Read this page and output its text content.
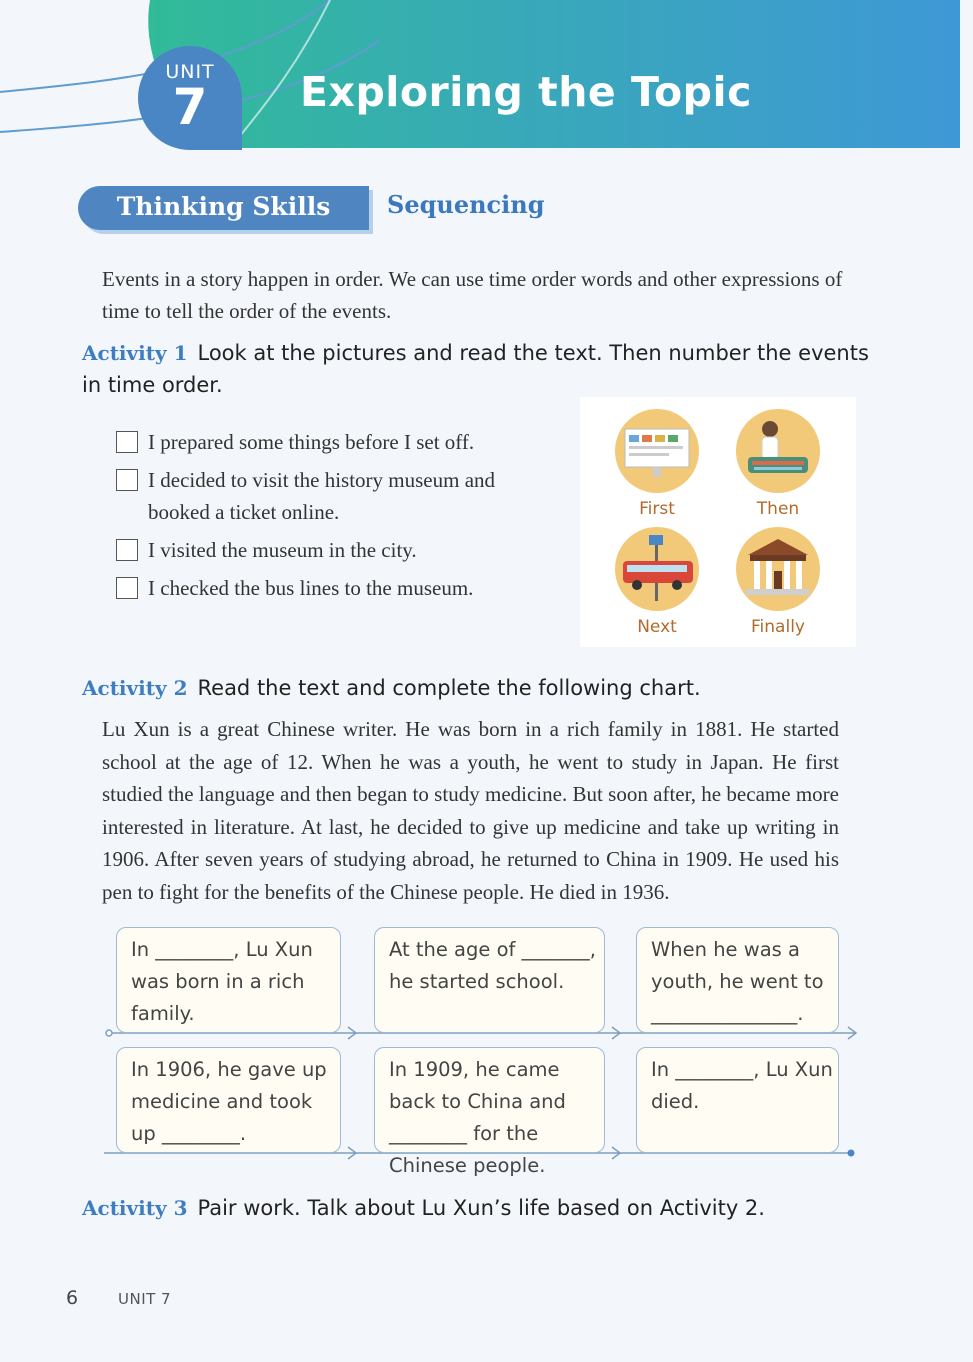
UNIT
7	Exploring the Topic
Thinking Skills	Sequencing

Events in a story happen in order. We can use time order words and other expressions of time to tell the order of the events.

Activity 1 Look at the pictures and read the text. Then number the events in time order.
I prepared some things before I set off.
I decided to visit the history museum and booked a ticket online.
I visited the museum in the city.
I checked the bus lines to the museum.
First	Then
Next	Finally
Activity 2 Read the text and complete the following chart.

Lu Xun is a great Chinese writer. He was born in a rich family in 1881. He started school at the age of 12. When he was a youth, he went to study in Japan. He first studied the language and then began to study medicine. But soon after, he became more interested in literature. At last, he decided to give up medicine and take up writing in 1906. After seven years of studying abroad, he returned to China in 1909. He used his pen to fight for the benefits of the Chinese people. He died in 1936.

In ________, Lu Xun was born in a rich family.
At the age of _______, he started school.
When he was a youth, he went to _______________.
In 1906, he gave up medicine and took up ________.
In 1909, he came back to China and ________ for the Chinese people.
In ________, Lu Xun died.
Activity 3 Pair work. Talk about Lu Xun’s life based on Activity 2.
6	UNIT 7
